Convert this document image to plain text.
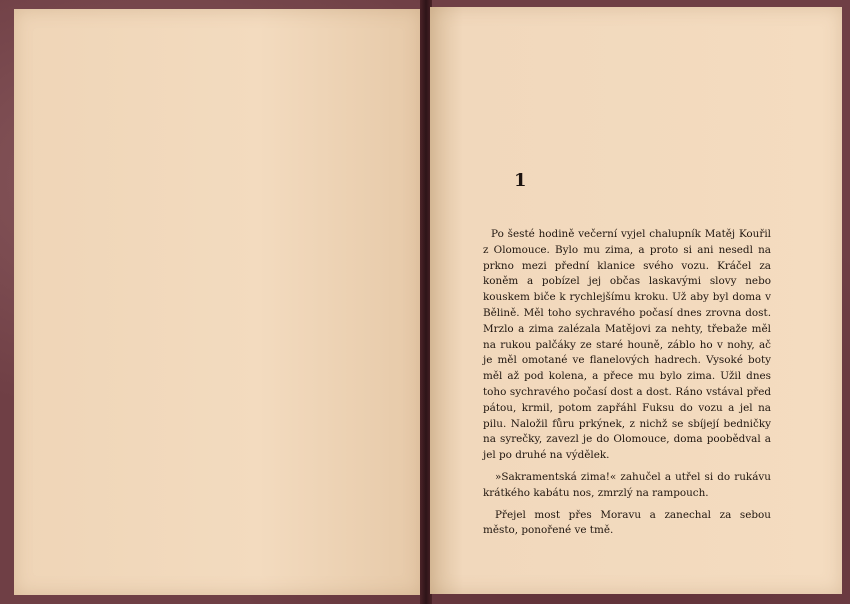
1

Po šesté hodině večerní vyjel chalupník Matěj Kouřil z Olomouce. Bylo mu zima, a proto si ani nesedl na prkno mezi přední klanice svého vozu. Kráčel za koněm a pobízel jej občas laskavými slovy nebo kouskem biče k rychlejšímu kroku. Už aby byl doma v Bělině. Měl toho sychravého počasí dnes zrovna dost. Mrzlo a zima zalézala Matějovi za nehty, třebaže měl na rukou palčáky ze staré houně, záblo ho v nohy, ač je měl omotané ve flanelových hadrech. Vysoké boty měl až pod kolena, a přece mu bylo zima. Užil dnes toho sychravého počasí dost a dost. Ráno vstával před pátou, krmil, potom zapřáhl Fuksu do vozu a jel na pilu. Naložil fůru prkýnek, z nichž se sbíjejí bedničky na syrečky, zavezl je do Olomouce, doma poobědval a jel po druhé na výdělek.

»Sakramentská zima!« zahučel a utřel si do rukávu krátkého kabátu nos, zmrzlý na rampouch.

Přejel most přes Moravu a zanechal za sebou město, ponořené ve tmě.
